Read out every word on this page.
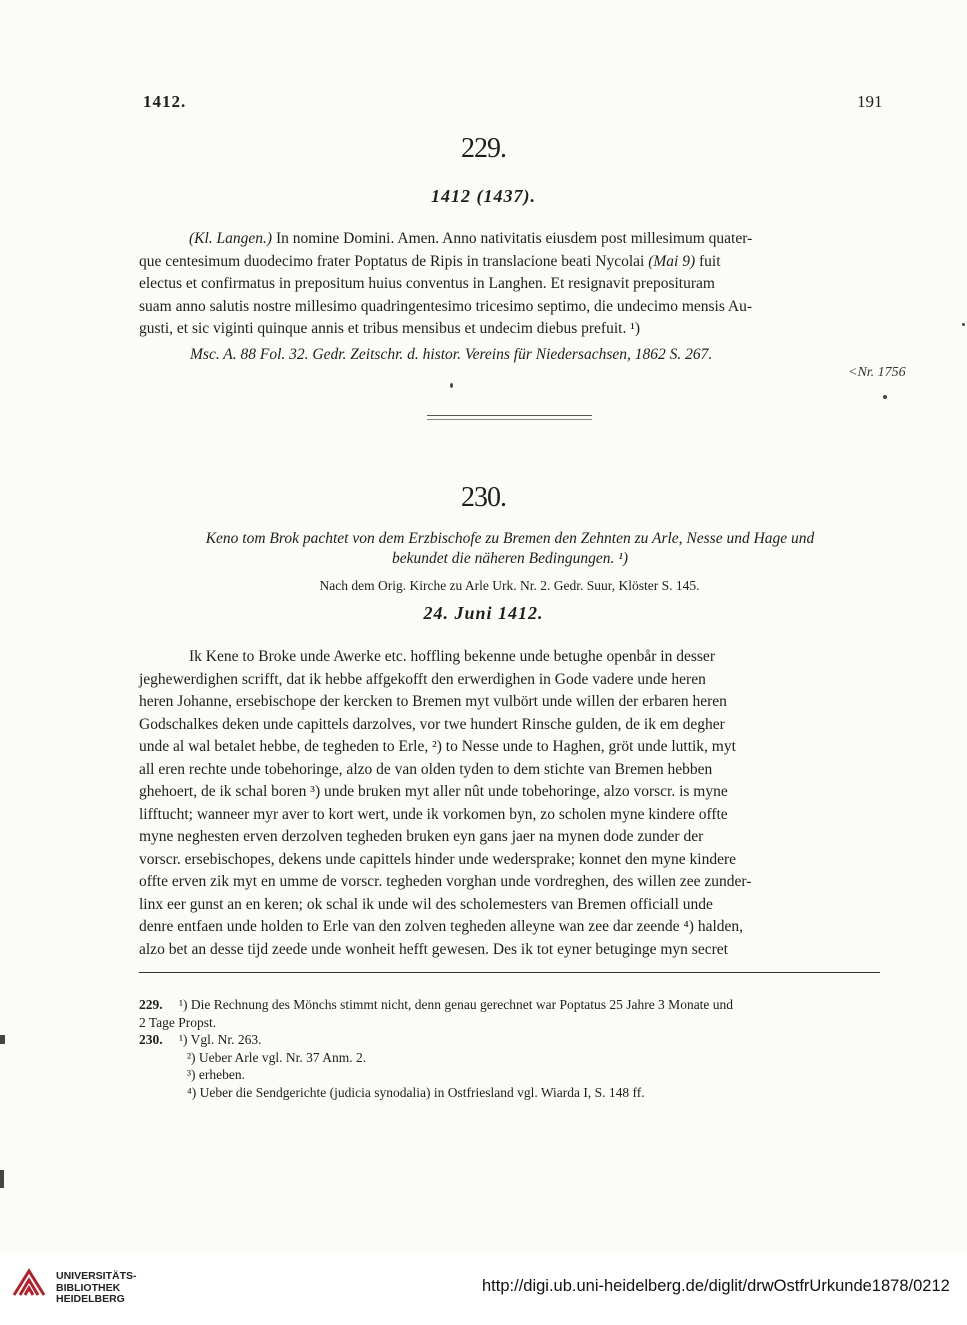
1412.	191
229.
1412 (1437).
(Kl. Langen.) In nomine Domini. Amen. Anno nativitatis eiusdem post millesimum quater-
que centesimum duodecimo frater Poptatus de Ripis in translacione beati Nycolai (Mai 9) fuit
electus et confirmatus in prepositum huius conventus in Langhen. Et resignavit preposituram
suam anno salutis nostre millesimo quadringentesimo tricesimo septimo, die undecimo mensis Au-
gusti, et sic viginti quinque annis et tribus mensibus et undecim diebus prefuit. ¹)
Msc. A. 88 Fol. 32. Gedr. Zeitschr. d. histor. Vereins für Niedersachsen, 1862 S. 267.
<Nr. 1756
230.
Keno tom Brok pachtet von dem Erzbischofe zu Bremen den Zehnten zu Arle, Nesse und Hage und
bekundet die näheren Bedingungen. ¹)
Nach dem Orig. Kirche zu Arle Urk. Nr. 2. Gedr. Suur, Klöster S. 145.
24. Juni 1412.
Ik Kene to Broke unde Awerke etc. hoffling bekenne unde betughe openbår in desser
jeghewerdighen scrifft, dat ik hebbe affgekofft den erwerdighen in Gode vadere unde heren
heren Johanne, ersebischope der kercken to Bremen myt vulbört unde willen der erbaren heren
Godschalkes deken unde capittels darzolves, vor twe hundert Rinsche gulden, de ik em degher
unde al wal betalet hebbe, de tegheden to Erle, ²) to Nesse unde to Haghen, gröt unde luttik, myt
all eren rechte unde tobehoringe, alzo de van olden tyden to dem stichte van Bremen hebben
ghehoert, de ik schal boren ³) unde bruken myt aller nût unde tobehoringe, alzo vorscr. is myne
lifftucht; wanneer myr aver to kort wert, unde ik vorkomen byn, zo scholen myne kindere offte
myne neghesten erven derzolven tegheden bruken eyn gans jaer na mynen dode zunder der
vorscr. ersebischopes, dekens unde capittels hinder unde wedersprake; konnet den myne kindere
offte erven zik myt en umme de vorscr. tegheden vorghan unde vordreghen, des willen zee zunder-
linx eer gunst an en keren; ok schal ik unde wil des scholemesters van Bremen officiall unde
denre entfaen unde holden to Erle van den zolven tegheden alleyne wan zee dar zeende ⁴) halden,
alzo bet an desse tijd zeede unde wonheit hefft gewesen. Des ik tot eyner betuginge myn secret
229. ¹) Die Rechnung des Mönchs stimmt nicht, denn genau gerechnet war Poptatus 25 Jahre 3 Monate und
2 Tage Propst.
230. ¹) Vgl. Nr. 263.
²) Ueber Arle vgl. Nr. 37 Anm. 2.
³) erheben.
⁴) Ueber die Sendgerichte (judicia synodalia) in Ostfriesland vgl. Wiarda I, S. 148 ff.
UNIVERSITÄTS-
BIBLIOTHEK
HEIDELBERG
http://digi.ub.uni-heidelberg.de/diglit/drwOstfrUrkunde1878/0212
